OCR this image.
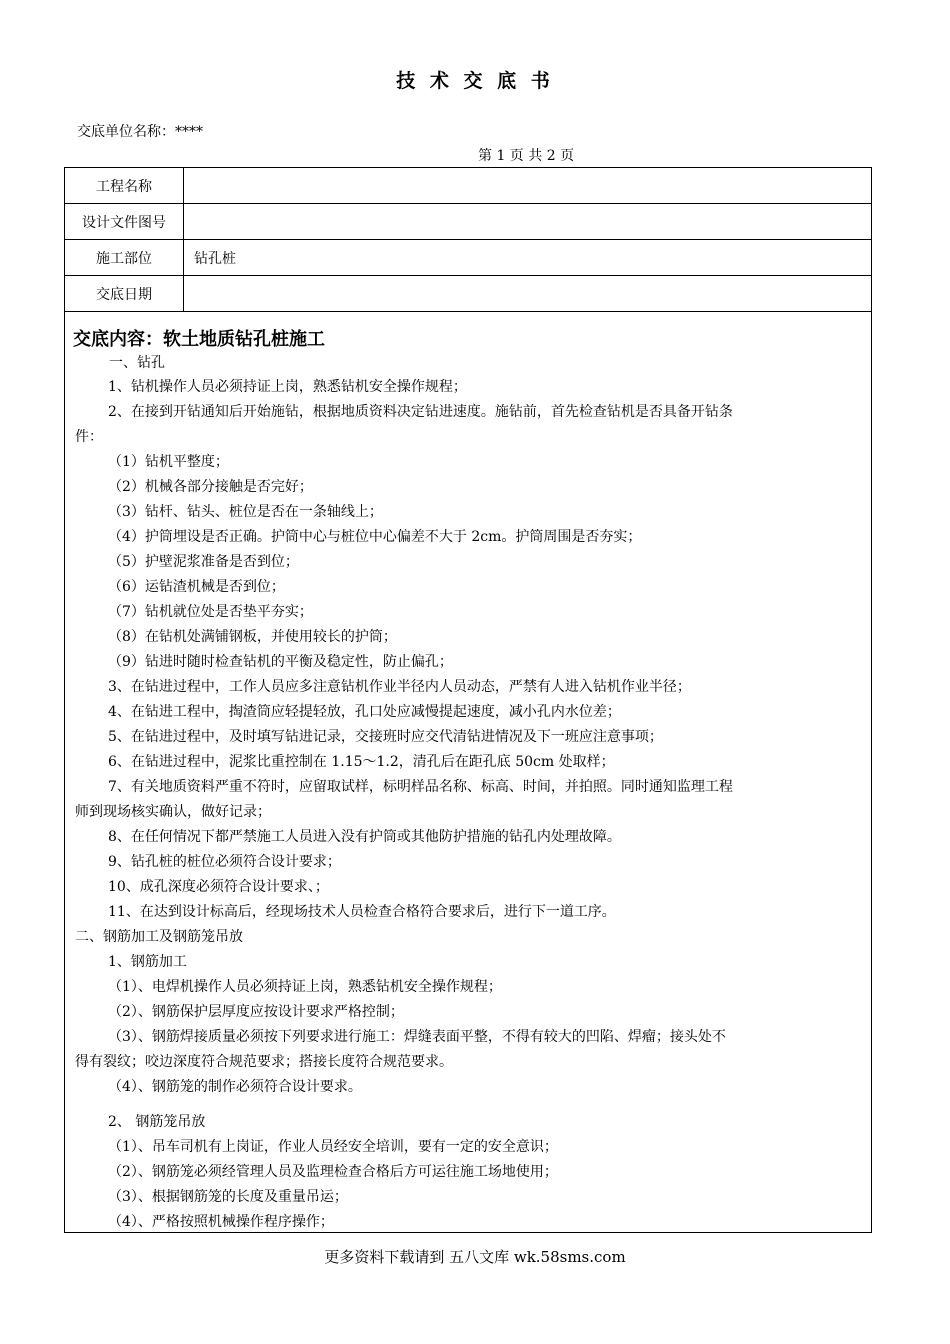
技 术 交 底 书
交底单位名称：****
第 1 页 共 2 页
工程名称	
设计文件图号	
施工部位	钻孔桩
交底日期	
交底内容：软土地质钻孔桩施工
一、钻孔
1、钻机操作人员必须持证上岗，熟悉钻机安全操作规程；
2、在接到开钻通知后开始施钻，根据地质资料决定钻进速度。施钻前，首先检查钻机是否具备开钻条
件：
（1）钻机平整度；
（2）机械各部分接触是否完好；
（3）钻杆、钻头、桩位是否在一条轴线上；
（4）护筒埋设是否正确。护筒中心与桩位中心偏差不大于 2cm。护筒周围是否夯实；
（5）护壁泥浆准备是否到位；
（6）运钻渣机械是否到位；
（7）钻机就位处是否垫平夯实；
（8）在钻机处满铺钢板，并使用较长的护筒；
（9）钻进时随时检查钻机的平衡及稳定性，防止偏孔；
3、在钻进过程中，工作人员应多注意钻机作业半径内人员动态，严禁有人进入钻机作业半径；
4、在钻进工程中，掏渣筒应轻提轻放，孔口处应减慢提起速度，减小孔内水位差；
5、在钻进过程中，及时填写钻进记录，交接班时应交代清钻进情况及下一班应注意事项；
6、在钻进过程中，泥浆比重控制在 1.15～1.2，清孔后在距孔底 50cm 处取样；
7、有关地质资料严重不符时，应留取试样，标明样品名称、标高、时间，并拍照。同时通知监理工程
师到现场核实确认，做好记录；
8、在任何情况下都严禁施工人员进入没有护筒或其他防护措施的钻孔内处理故障。
9、钻孔桩的桩位必须符合设计要求；
10、成孔深度必须符合设计要求、；
11、在达到设计标高后，经现场技术人员检查合格符合要求后，进行下一道工序。
二、钢筋加工及钢筋笼吊放
1、钢筋加工
（1）、电焊机操作人员必须持证上岗，熟悉钻机安全操作规程；
（2）、钢筋保护层厚度应按设计要求严格控制；
（3）、钢筋焊接质量必须按下列要求进行施工：焊缝表面平整，不得有较大的凹陷、焊瘤；接头处不
得有裂纹；咬边深度符合规范要求；搭接长度符合规范要求。
（4）、钢筋笼的制作必须符合设计要求。
2、 钢筋笼吊放
（1）、吊车司机有上岗证，作业人员经安全培训，要有一定的安全意识；
（2）、钢筋笼必须经管理人员及监理检查合格后方可运往施工场地使用；
（3）、根据钢筋笼的长度及重量吊运；
（4）、严格按照机械操作程序操作；
更多资料下载请到 五八文库 wk.58sms.com
